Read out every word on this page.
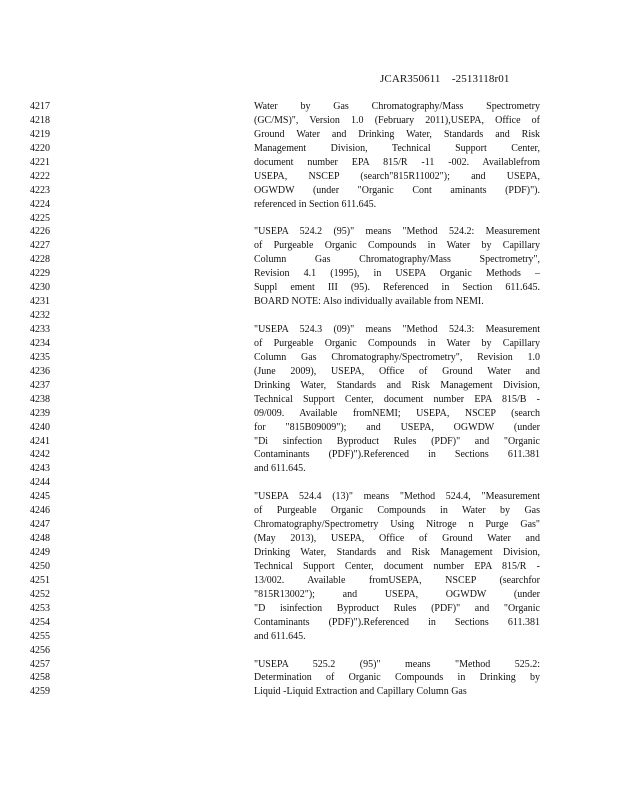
JCAR350611 -2513118r01
4217
4218
4219
4220
4221
4222
4223
4224
4225
4226
4227
4228
4229
4230
4231
4232
4233
4234
4235
4236
4237
4238
4239
4240
4241
4242
4243
4244
4245
4246
4247
4248
4249
4250
4251
4252
4253
4254
4255
4256
4257
4258
4259
Water by Gas Chromatography/Mass Spectrometry
(GC/MS)", Version 1.0 (February 2011),USEPA, Office of
Ground Water and Drinking Water, Standards and Risk
Management Division, Technical Support Center,
document number EPA 815/R -11 -002. Availablefrom
USEPA, NSCEP (search"815R11002"); and USEPA,
OGWDW (under "Organic Cont aminants (PDF)").
referenced in Section 611.645.

"USEPA 524.2 (95)" means "Method 524.2: Measurement
of Purgeable Organic Compounds in Water by Capillary
Column Gas Chromatography/Mass Spectrometry",
Revision 4.1 (1995), in USEPA Organic Methods –
Suppl ement III (95). Referenced in Section 611.645.
BOARD NOTE: Also individually available from NEMI.

"USEPA 524.3 (09)" means "Method 524.3: Measurement
of Purgeable Organic Compounds in Water by Capillary
Column Gas Chromatography/Spectrometry", Revision 1.0
(June 2009), USEPA, Office of Ground Water and
Drinking Water, Standards and Risk Management Division,
Technical Support Center, document number EPA 815/B -
09/009. Available fromNEMI; USEPA, NSCEP (search
for "815B09009"); and USEPA, OGWDW (under
"Di sinfection Byproduct Rules (PDF)" and "Organic
Contaminants (PDF)").Referenced in Sections 611.381
and 611.645.

"USEPA 524.4 (13)" means "Method 524.4, "Measurement
of Purgeable Organic Compounds in Water by Gas
Chromatography/Spectrometry Using Nitroge n Purge Gas"
(May 2013), USEPA, Office of Ground Water and
Drinking Water, Standards and Risk Management Division,
Technical Support Center, document number EPA 815/R -
13/002. Available fromUSEPA, NSCEP (searchfor
"815R13002"); and USEPA, OGWDW (under
"D isinfection Byproduct Rules (PDF)" and "Organic
Contaminants (PDF)").Referenced in Sections 611.381
and 611.645.

"USEPA 525.2 (95)" means "Method 525.2:
Determination of Organic Compounds in Drinking by
Liquid -Liquid Extraction and Capillary Column Gas
